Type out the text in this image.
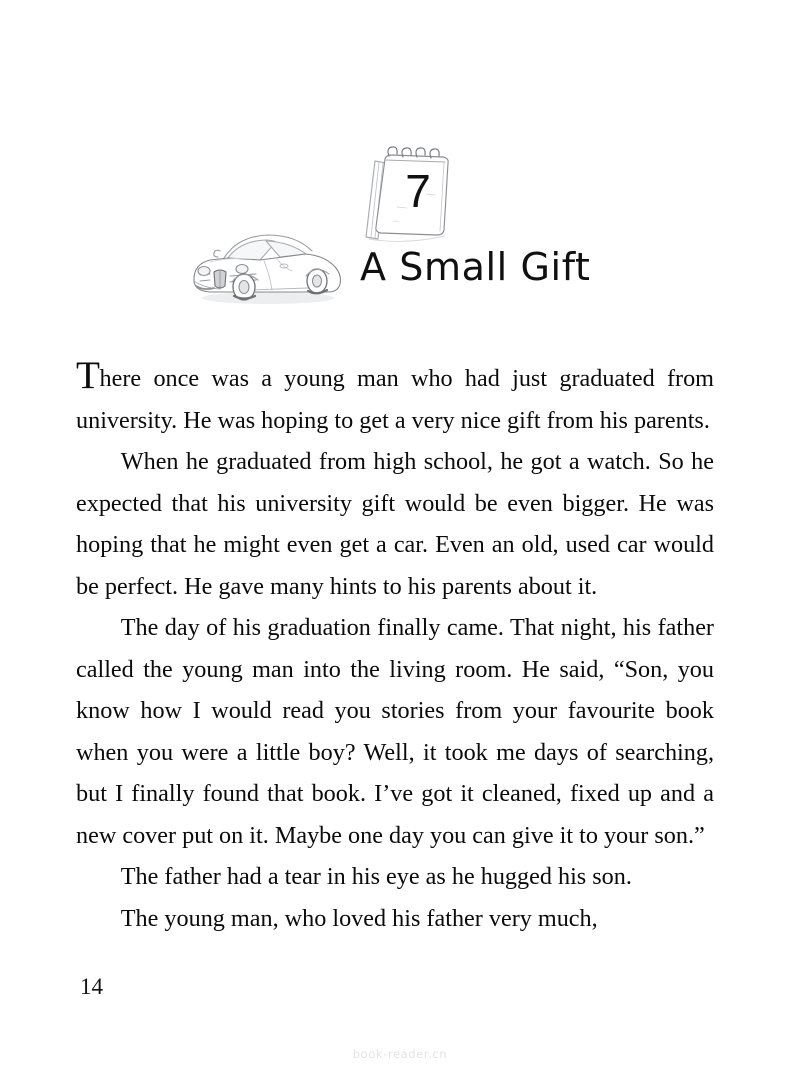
7
A Small Gift

There once was a young man who had just graduated from university. He was hoping to get a very nice gift from his parents.

When he graduated from high school, he got a watch. So he expected that his university gift would be even bigger. He was hoping that he might even get a car. Even an old, used car would be perfect. He gave many hints to his parents about it.

The day of his graduation finally came. That night, his father called the young man into the living room. He said, “Son, you know how I would read you stories from your favourite book when you were a little boy? Well, it took me days of searching, but I finally found that book. I’ve got it cleaned, fixed up and a new cover put on it. Maybe one day you can give it to your son.”

The father had a tear in his eye as he hugged his son.

The young man, who loved his father very much,

14
book-reader.cn
